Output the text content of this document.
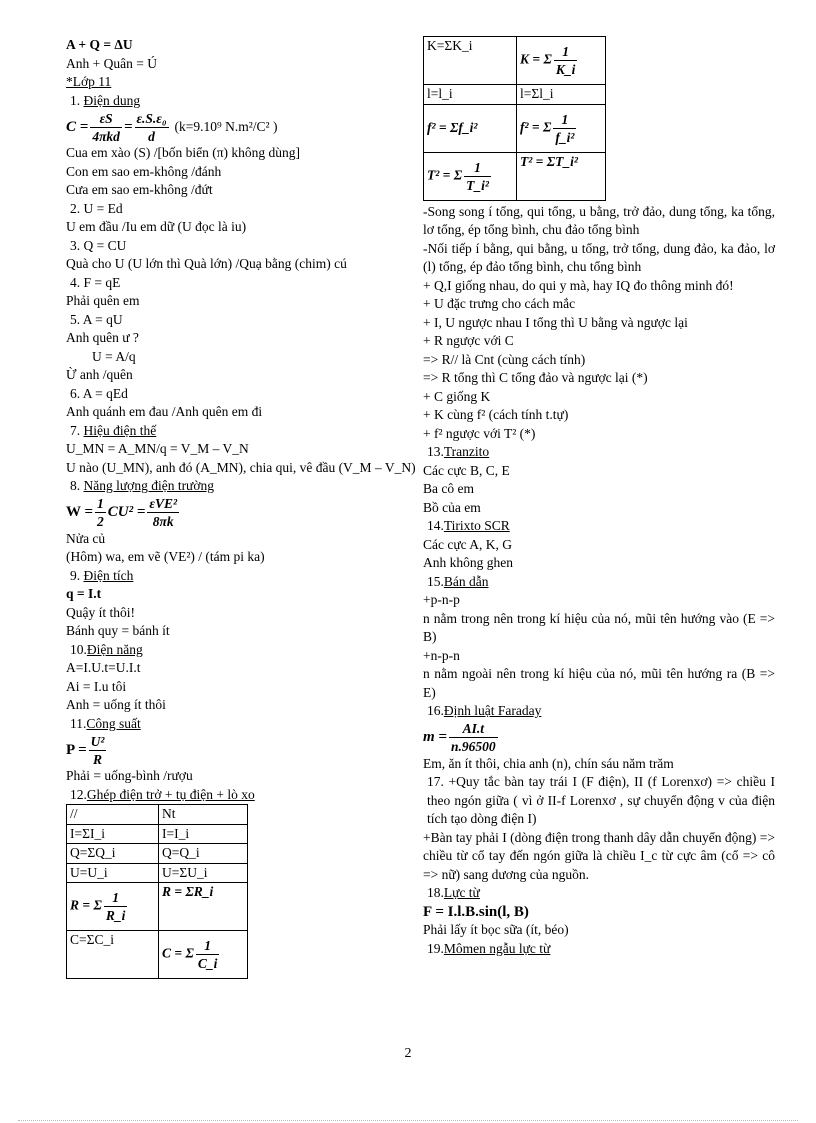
A + Q = ΔU
Anh + Quân = Ú
*Lớp 11
1. Điện dung
$C = \frac{\varepsilon S}{\text{4πkd}} = \frac{\text{ε.S.ε₀}}{d} (k=9.10^9$ N.m²/C² )
Cua em xào (S) /[bốn biển (π) không dùng]
Con em sao em-không /đánh
Cưa em sao em-không /đứt
2. U = Ed
U em đầu /Iu em dữ (U đọc là iu)
3. Q = CU
Quà cho U (U lớn thì Quà lớn) /Quạ bằng (chim) cú
4. F = qE
Phải quên em
5. A = qU
Anh quên ư ?
U = A/q
Ừ anh /quên
6. A = qEd
Anh quánh em đau /Anh quên em đi
7. Hiệu điện thế
U_MN = A_MN/q = V_M – V_N
U nào (U_MN), anh đó (A_MN), chia qui, vê đầu (V_M – V_N)
8. Năng lượng điện trường
$W = \frac{1}{2} CU^2 = \frac{\text{εVE²}}{8\pi k}$
Nửa củ
(Hôm) wa, em vẽ (VE²) / (tám pi ka)
9. Điện tích
q = I.t
Quậy ít thôi!
Bánh quy = bánh ít
10.Điện năng
A=I.U.t=U.I.t
Ai = I.u tôi
Anh = uống ít thôi
11.Công suất
$P = \frac{\text{U²}}{R}$
Phải = uống-bình /rượu
12.Ghép điện trở + tụ điện + lò xo
//	Nt
I=ΣI_i	I=I_i
Q=ΣQ_i	Q=Q_i
U=U_i	U=ΣU_i
R = Σ $\frac{1}{R\_i}$	R = ΣR_i
C=ΣC_i	C = Σ $\frac{1}{C\_i}$
K=ΣK_i	K = Σ $\frac{1}{K\_i}$

l=l_i	l=Σl_i
f² = Σf_i²	f² = Σ $\frac{1}{\text{f\_i²}}$

T² = Σ $\frac{1}{\text{T\_i²}}$	T² = ΣT_i²
-Song song í tổng, qui tổng, u bằng, trở đảo, dung tổng, ka tổng, lơ tổng, ép tổng bình, chu đảo tổng bình
-Nối tiếp í bằng, qui bằng, u tổng, trở tổng, dung đảo, ka đảo, lơ (l) tổng, ép đảo tổng bình, chu tổng bình
+ Q,I giống nhau, do qui y mà, hay IQ đo thông minh đó!
+ U đặc trưng cho cách mắc
+ I, U ngược nhau I tổng thì U bằng và ngược lại
+ R ngược với C
=> R// là Cnt (cùng cách tính)
=> R tổng thì C tổng đảo và ngược lại (*)
+ C giống K
+ K cùng f² (cách tính t.tự)
+ f² ngược với T² (*)
13.Tranzito
Các cực B, C, E
Ba cô em
Bồ của em
14.Tirixto SCR
Các cực A, K, G
Anh không ghen
15.Bán dẫn
+p-n-p
n nằm trong nên trong kí hiệu của nó, mũi tên hướng vào (E => B)
+n-p-n
n nằm ngoài nên trong kí hiệu của nó, mũi tên hướng ra (B => E)
16.Định luật Faraday
$m = \frac{AI.t}{n.96500}$
Em, ăn ít thôi, chia anh (n), chín sáu năm trăm
17. +Quy tắc bàn tay trái I (F điện), II (f Lorenxơ) => chiều I theo ngón giữa ( vì ở II-f Lorenxơ , sự chuyển động v của điện tích tạo dòng điện I)
+Bàn tay phải I (dòng điện trong thanh dây dẫn chuyển động) => chiều từ cổ tay đến ngón giữa là chiều I_c từ cực âm (cổ => cô => nữ) sang dương của nguồn.
18.Lực từ
F = I.l.B.sin(l, B)
Phải lấy ít bọc sữa (ít, béo)
19.Mômen ngẫu lực từ
2
